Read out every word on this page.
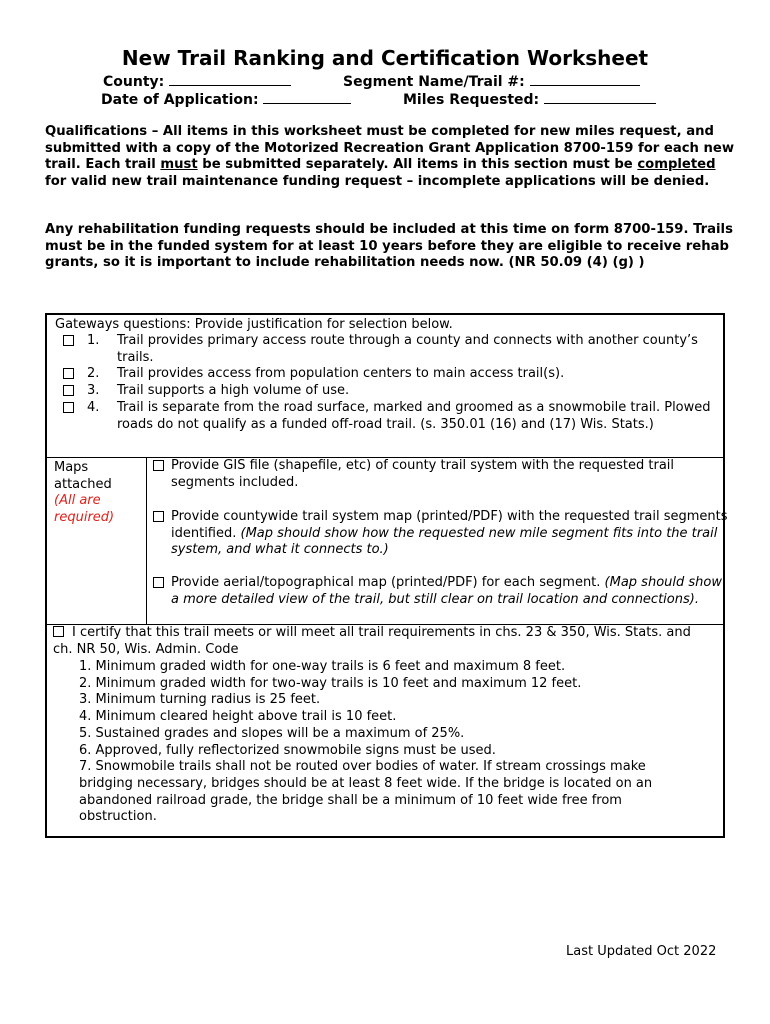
New Trail Ranking and Certification Worksheet
County:	Segment Name/Trail #:
Date of Application:	Miles Requested:

Qualifications – All items in this worksheet must be completed for new miles request, and submitted with a copy of the Motorized Recreation Grant Application 8700-159 for each new trail. Each trail must be submitted separately. All items in this section must be completed for valid new trail maintenance funding request – incomplete applications will be denied.

Any rehabilitation funding requests should be included at this time on form 8700-159. Trails must be in the funded system for at least 10 years before they are eligible to receive rehab grants, so it is important to include rehabilitation needs now. (NR 50.09 (4) (g) )

Gateways questions: Provide justification for selection below.
1. Trail provides primary access route through a county and connects with another county’s trails.
2. Trail provides access from population centers to main access trail(s).
3. Trail supports a high volume of use.
4. Trail is separate from the road surface, marked and groomed as a snowmobile trail. Plowed roads do not qualify as a funded off-road trail. (s. 350.01 (16) and (17) Wis. Stats.)
Maps
attached
(All are required)
Provide GIS file (shapefile, etc) of county trail system with the requested trail segments included.
Provide countywide trail system map (printed/PDF) with the requested trail segments identified. (Map should show how the requested new mile segment fits into the trail system, and what it connects to.)
Provide aerial/topographical map (printed/PDF) for each segment. (Map should show a more detailed view of the trail, but still clear on trail location and connections).
I certify that this trail meets or will meet all trail requirements in chs. 23 & 350, Wis. Stats. and ch. NR 50, Wis. Admin. Code
1. Minimum graded width for one-way trails is 6 feet and maximum 8 feet.
2. Minimum graded width for two-way trails is 10 feet and maximum 12 feet.
3. Minimum turning radius is 25 feet.
4. Minimum cleared height above trail is 10 feet.
5. Sustained grades and slopes will be a maximum of 25%.
6. Approved, fully reflectorized snowmobile signs must be used.
7. Snowmobile trails shall not be routed over bodies of water. If stream crossings make bridging necessary, bridges should be at least 8 feet wide. If the bridge is located on an abandoned railroad grade, the bridge shall be a minimum of 10 feet wide free from obstruction.
Last Updated Oct 2022
